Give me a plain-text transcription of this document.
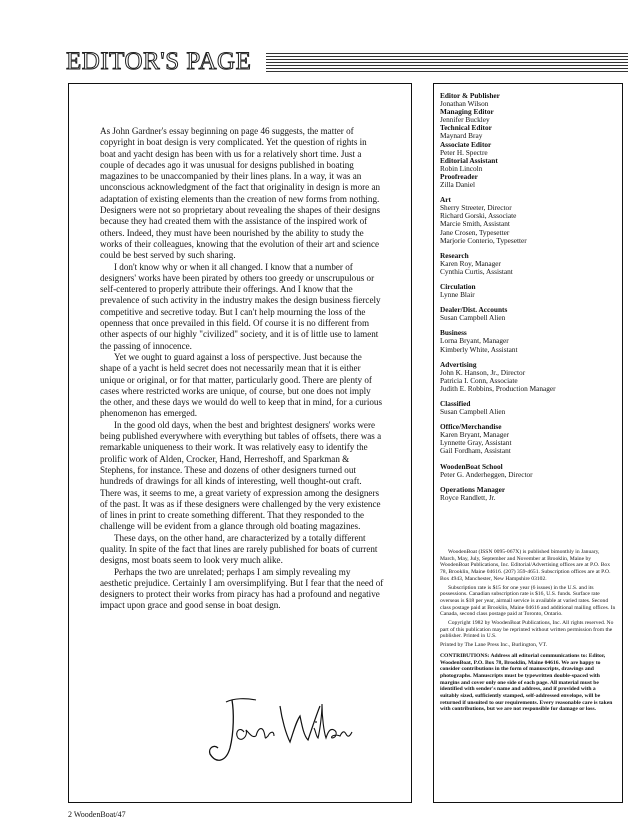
EDITOR'S PAGE

As John Gardner's essay beginning on page 46 suggests, the matter of copyright in boat design is very complicated. Yet the question of rights in boat and yacht design has been with us for a relatively short time. Just a couple of decades ago it was unusual for designs published in boating magazines to be unaccompanied by their lines plans. In a way, it was an unconscious acknowledgment of the fact that originality in design is more an adaptation of existing elements than the creation of new forms from nothing. Designers were not so proprietary about revealing the shapes of their designs because they had created them with the assistance of the inspired work of others. Indeed, they must have been nourished by the ability to study the works of their colleagues, knowing that the evolution of their art and science could be best served by such sharing.

I don't know why or when it all changed. I know that a number of designers' works have been pirated by others too greedy or unscrupulous or self-centered to properly attribute their offerings. And I know that the prevalence of such activity in the industry makes the design business fiercely competitive and secretive today. But I can't help mourning the loss of the openness that once prevailed in this field. Of course it is no different from other aspects of our highly "civilized" society, and it is of little use to lament the passing of innocence.

Yet we ought to guard against a loss of perspective. Just because the shape of a yacht is held secret does not necessarily mean that it is either unique or original, or for that matter, particularly good. There are plenty of cases where restricted works are unique, of course, but one does not imply the other, and these days we would do well to keep that in mind, for a curious phenomenon has emerged.

In the good old days, when the best and brightest designers' works were being published everywhere with everything but tables of offsets, there was a remarkable uniqueness to their work. It was relatively easy to identify the prolific work of Alden, Crocker, Hand, Herreshoff, and Sparkman & Stephens, for instance. These and dozens of other designers turned out hundreds of drawings for all kinds of interesting, well thought-out craft. There was, it seems to me, a great variety of expression among the designers of the past. It was as if these designers were challenged by the very existence of lines in print to create something different. That they responded to the challenge will be evident from a glance through old boating magazines.

These days, on the other hand, are characterized by a totally different quality. In spite of the fact that lines are rarely published for boats of current designs, most boats seem to look very much alike.

Perhaps the two are unrelated; perhaps I am simply revealing my aesthetic prejudice. Certainly I am oversimplifying. But I fear that the need of designers to protect their works from piracy has had a profound and negative impact upon grace and good sense in boat design.

Editor & Publisher
Jonathan Wilson
Managing Editor
Jennifer Buckley
Technical Editor
Maynard Bray
Associate Editor
Peter H. Spectre
Editorial Assistant
Robin Lincoln
Proofreader
Zilla Daniel
Art
Sherry Streeter, Director
Richard Gorski, Associate
Marcie Smith, Assistant
Jane Crosen, Typesetter
Marjorie Conterio, Typesetter
Research
Karen Roy, Manager
Cynthia Curtis, Assistant
Circulation
Lynne Blair
Dealer/Dist. Accounts
Susan Campbell Alien
Business
Lorna Bryant, Manager
Kimberly White, Assistant
Advertising
John K. Hanson, Jr., Director
Patricia I. Conn, Associate
Judith E. Robbins, Production Manager
Classified
Susan Campbell Alien
Office/Merchandise
Karen Bryant, Manager
Lynnette Gray, Assistant
Gail Fordham, Assistant
WoodenBoat School
Peter G. Anderheggen, Director
Operations Manager
Royce Randlett, Jr.

WoodenBoat (ISSN 0095-067X) is published bimonthly in January, March, May, July, September and November at Brooklin, Maine by WoodenBoat Publications, Inc. Editorial/Advertising offices are at P.O. Box 78, Brooklin, Maine 04616. (207) 359-4651. Subscription offices are at P.O. Box 4943, Manchester, New Hampshire 03102.

Subscription rate is $15 for one year (6 issues) in the U.S. and its possessions. Canadian subscription rate is $16, U.S. funds. Surface rate overseas is $18 per year, airmail service is available at varied rates. Second class postage paid at Brooklin, Maine 04616 and additional mailing offices. In Canada, second class postage paid at Toronto, Ontario.

Copyright 1982 by WoodenBoat Publications, Inc. All rights reserved. No part of this publication may be reprinted without written permission from the publisher. Printed in U.S.

Printed by The Lane Press Inc., Burlington, VT.

CONTRIBUTIONS: Address all editorial communications to: Editor, WoodenBoat, P.O. Box 78, Brooklin, Maine 04616. We are happy to consider contributions in the form of manuscripts, drawings and photographs. Manuscripts must be typewritten double-spaced with margins and cover only one side of each page. All material must be identified with sender's name and address, and if provided with a suitably sized, sufficiently stamped, self-addressed envelope, will be returned if unsuited to our requirements. Every reasonable care is taken with contributions, but we are not responsible for damage or loss.

2 WoodenBoat/47
